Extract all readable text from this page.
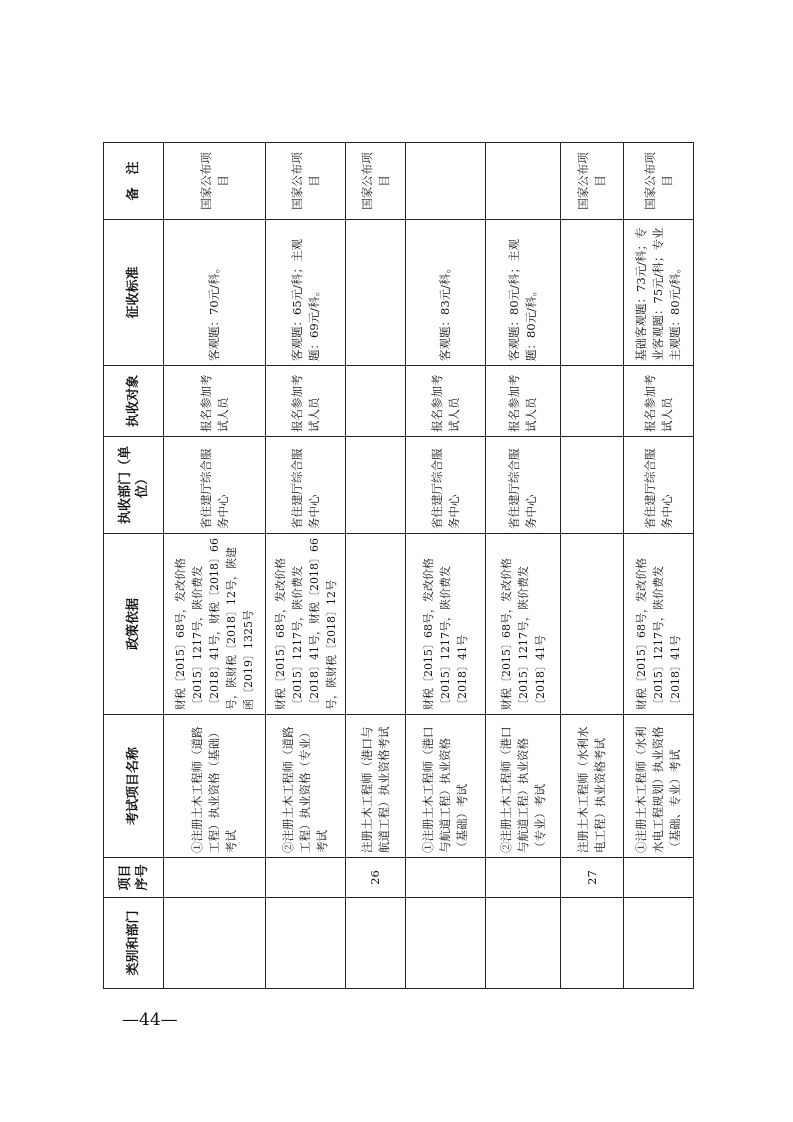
类别和部门	项目序号	考试项目名称	政策依据	执收部门（单位）	执收对象	征收标准	备　注
		①注册土木工程师（道路工程）执业资格（基础）考试	财税〔2015〕68号，发改价格〔2015〕1217号，陕价费发〔2018〕41号，财税〔2018〕66号，陕财税〔2018〕12号，陕建函〔2019〕1325号	省住建厅综合服务中心	报名参加考试人员	客观题：70元/科。	国家公布项目
		②注册土木工程师（道路工程）执业资格（专业）考试	财税〔2015〕68号，发改价格〔2015〕1217号，陕价费发〔2018〕41号，财税〔2018〕66号，陕财税〔2018〕12号	省住建厅综合服务中心	报名参加考试人员	客观题：65元/科；主观题：69元/科。	国家公布项目
	26	注册土木工程师（港口与航道工程）执业资格考试					国家公布项目
		①注册土木工程师（港口与航道工程）执业资格（基础）考试	财税〔2015〕68号，发改价格〔2015〕1217号，陕价费发〔2018〕41号	省住建厅综合服务中心	报名参加考试人员	客观题：83元/科。	
		②注册土木工程师（港口与航道工程）执业资格（专业）考试	财税〔2015〕68号，发改价格〔2015〕1217号，陕价费发〔2018〕41号	省住建厅综合服务中心	报名参加考试人员	客观题：80元/科；主观题：80元/科。	
	27	注册土木工程师（水利水电工程）执业资格考试					国家公布项目
		①注册土木工程师（水利水电工程规划）执业资格（基础、专业）考试	财税〔2015〕68号，发改价格〔2015〕1217号，陕价费发〔2018〕41号	省住建厅综合服务中心	报名参加考试人员	基础客观题：73元/科；专业客观题：75元/科；专业主观题：80元/科。	国家公布项目
—44—
